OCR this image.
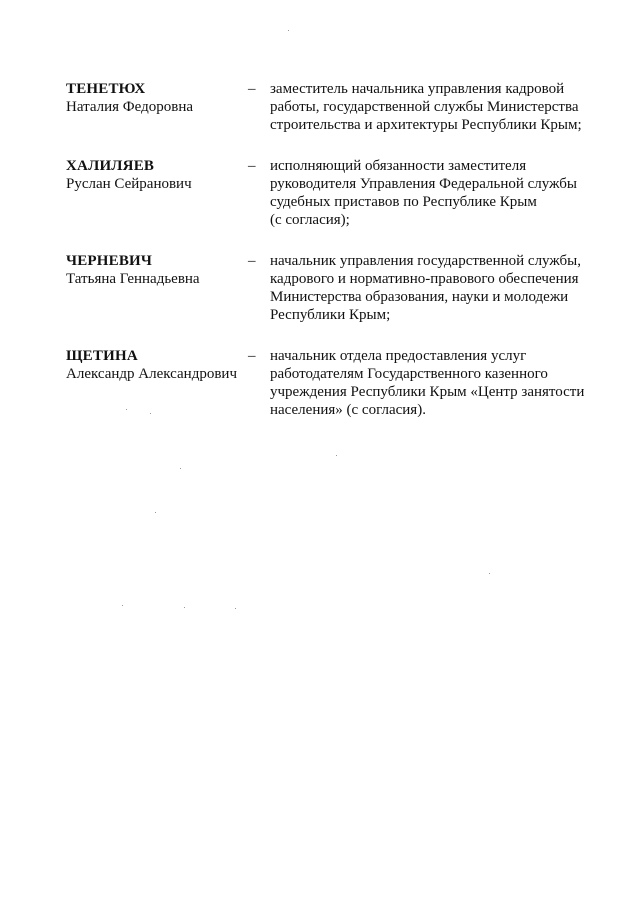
ТЕНЕТЮХ
Наталия Федоровна
– заместитель начальника управления кадровой
работы, государственной службы Министерства
строительства и архитектуры Республики Крым;
ХАЛИЛЯЕВ
Руслан Сейранович
– исполняющий обязанности заместителя
руководителя Управления Федеральной службы
судебных приставов по Республике Крым
(с согласия);
ЧЕРНЕВИЧ
Татьяна Геннадьевна
– начальник управления государственной службы,
кадрового и нормативно-правового обеспечения
Министерства образования, науки и молодежи
Республики Крым;
ЩЕТИНА
Александр Александрович
– начальник отдела предоставления услуг
работодателям Государственного казенного
учреждения Республики Крым «Центр занятости
населения» (с согласия).
